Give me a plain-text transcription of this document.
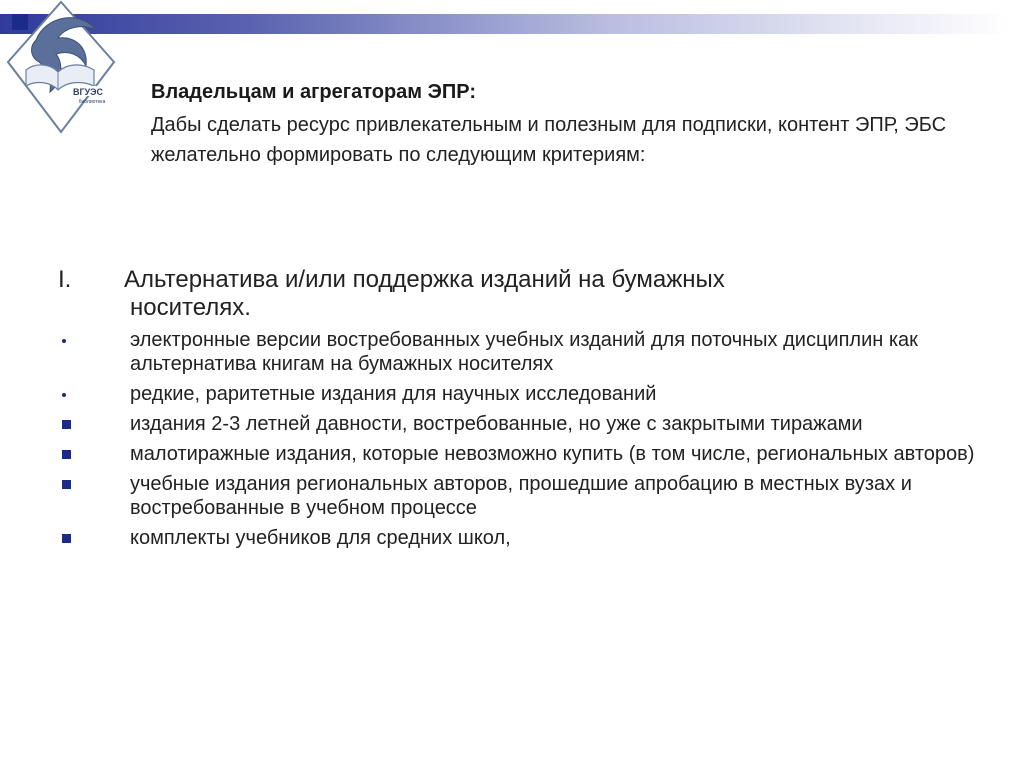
ВГУЭС
библиотека Владельцам и агрегаторам ЭПР:

Дабы сделать ресурс привлекательным и полезным для подписки, контент ЭПР, ЭБС желательно формировать по следующим критериям:

I. Альтернатива и/или поддержка изданий на бумажных
носителях.
электронные версии востребованных учебных изданий для поточных дисциплин как альтернатива книгам на бумажных носителях
редкие, раритетные издания для научных исследований
издания 2-3 летней давности, востребованные, но уже с закрытыми тиражами
малотиражные издания, которые невозможно купить (в том числе, региональных авторов)
учебные издания региональных авторов, прошедшие апробацию в местных вузах и востребованные в учебном процессе
комплекты учебников для средних школ,
